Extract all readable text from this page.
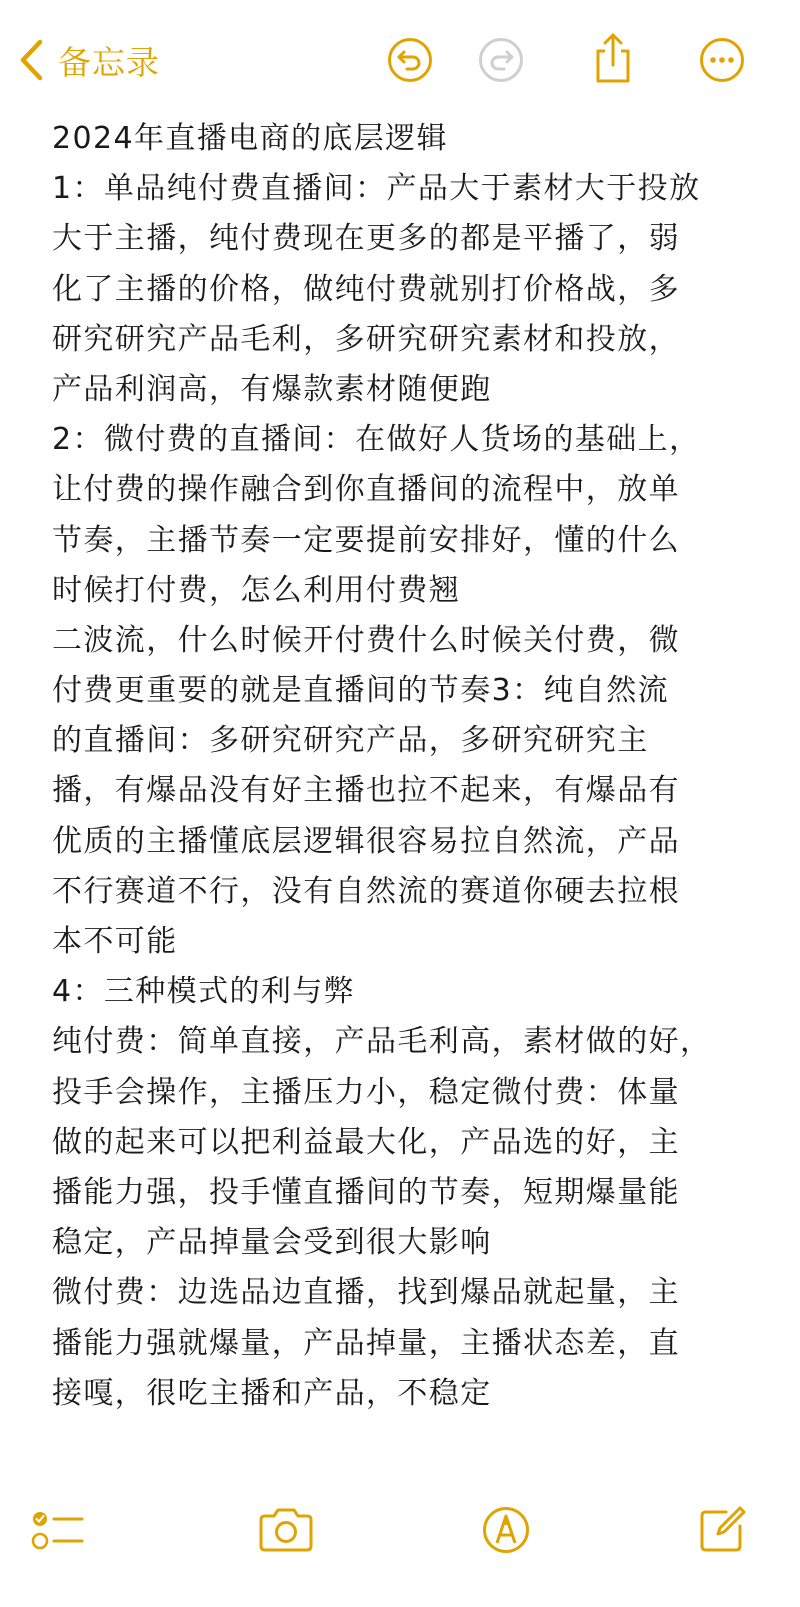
备忘录
2024年直播电商的底层逻辑
1：单品纯付费直播间：产品大于素材大于投放
大于主播，纯付费现在更多的都是平播了，弱
化了主播的价格，做纯付费就别打价格战，多
研究研究产品毛利，多研究研究素材和投放，
产品利润高，有爆款素材随便跑
2：微付费的直播间：在做好人货场的基础上，
让付费的操作融合到你直播间的流程中，放单
节奏，主播节奏一定要提前安排好，懂的什么
时候打付费，怎么利用付费翘
二波流，什么时候开付费什么时候关付费，微
付费更重要的就是直播间的节奏3：纯自然流
的直播间：多研究研究产品，多研究研究主
播，有爆品没有好主播也拉不起来，有爆品有
优质的主播懂底层逻辑很容易拉自然流，产品
不行赛道不行，没有自然流的赛道你硬去拉根
本不可能
4：三种模式的利与弊
纯付费：简单直接，产品毛利高，素材做的好，
投手会操作，主播压力小，稳定微付费：体量
做的起来可以把利益最大化，产品选的好，主
播能力强，投手懂直播间的节奏，短期爆量能
稳定，产品掉量会受到很大影响
微付费：边选品边直播，找到爆品就起量，主
播能力强就爆量，产品掉量，主播状态差，直
接嘎，很吃主播和产品，不稳定
